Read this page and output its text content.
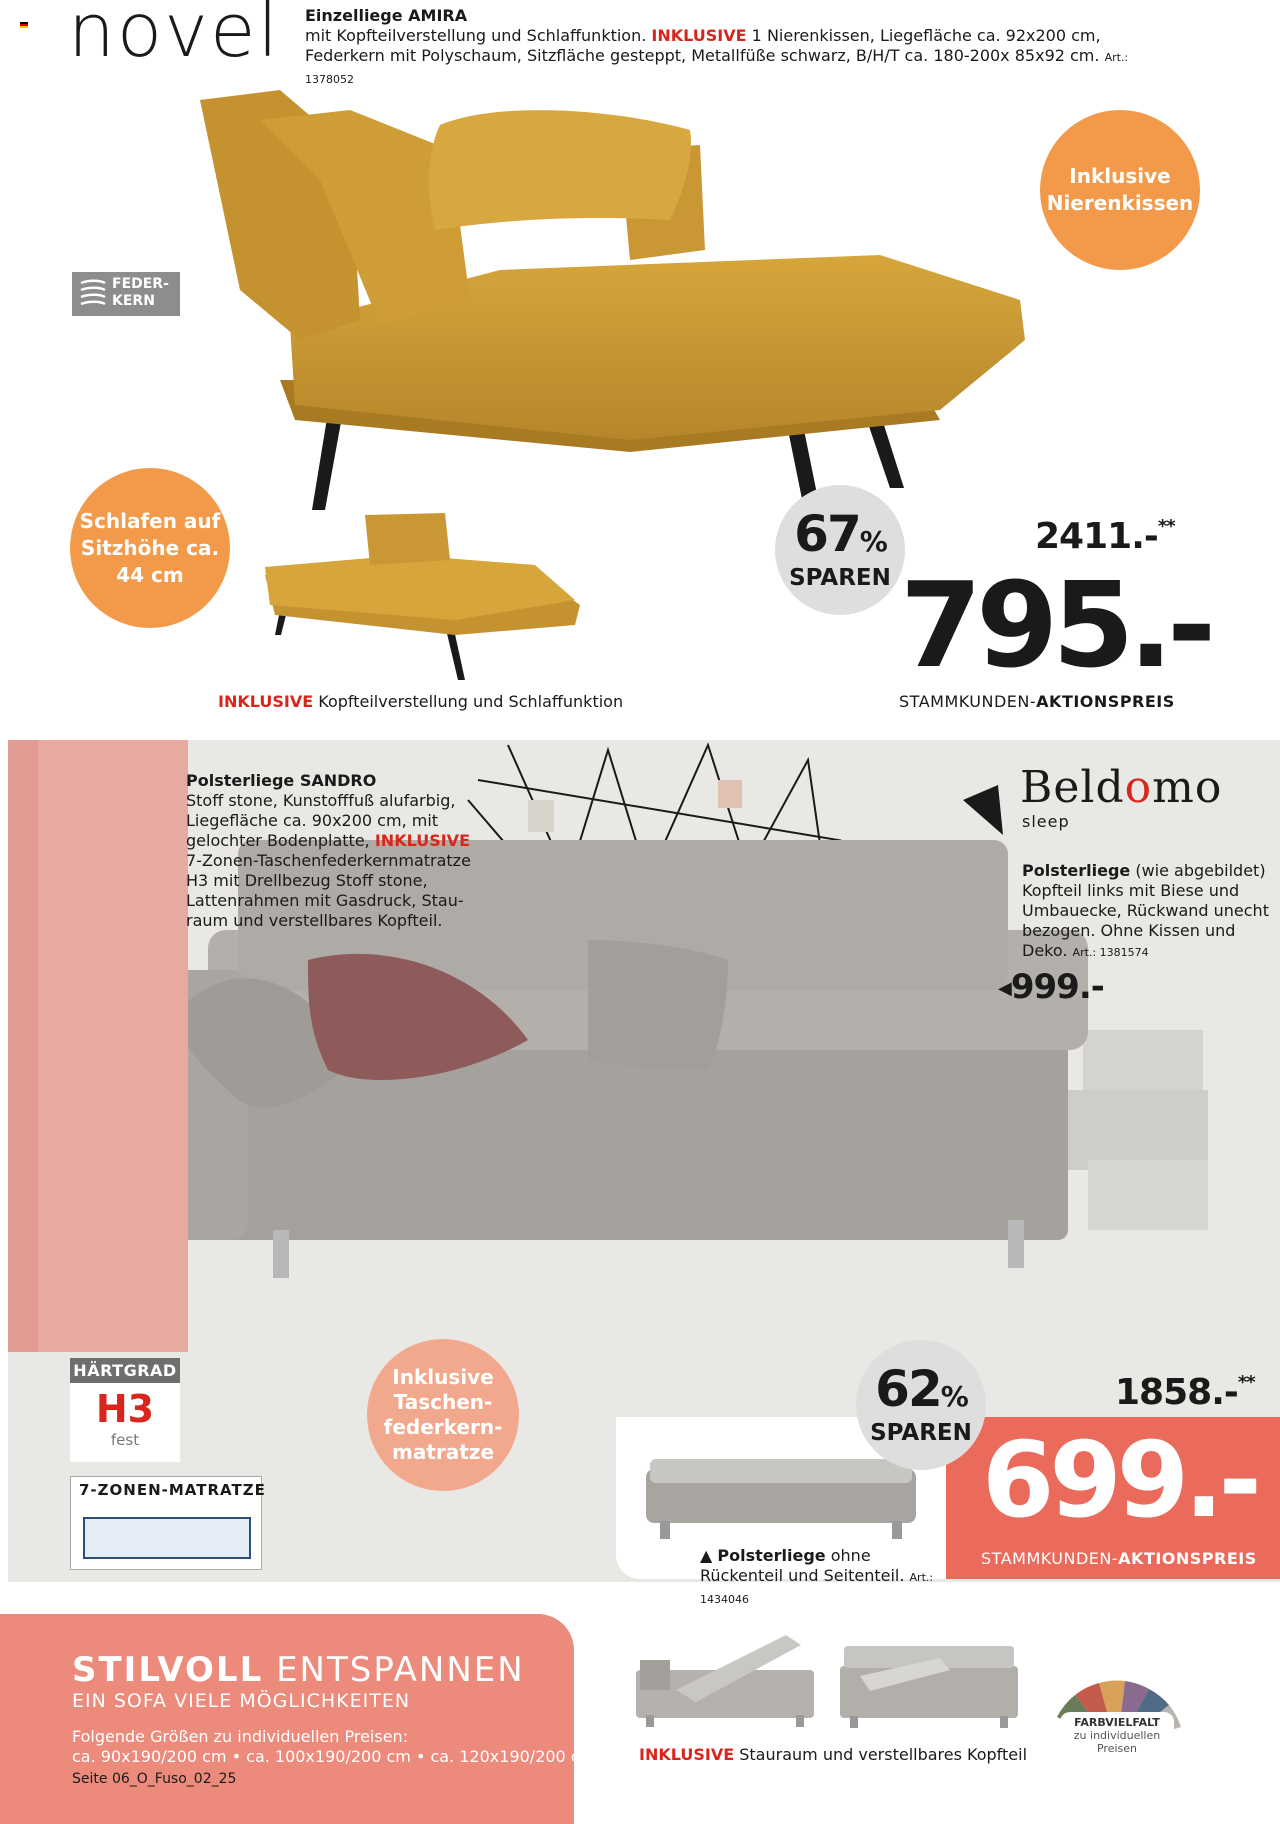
novel Einzelliege AMIRA
mit Kopfteilverstellung und Schlaffunktion. INKLUSIVE 1 Nierenkissen, Liegefläche ca. 92x200 cm,
Federkern mit Polyschaum, Sitzfläche gesteppt, Metallfüße schwarz, B/H/T ca. 180-200x 85x92 cm. Art.: 1378052
Inklusive Nierenkissen
FEDER- KERN
Schlafen auf Sitzhöhe ca. 44 cm
67%
SPAREN
2411.-**
795.-
STAMMKUNDEN-AKTIONSPREIS
INKLUSIVE Kopfteilverstellung und Schlaffunktion
Polsterliege SANDRO
Stoff stone, Kunstofffuß alufarbig, Liegefläche ca. 90x200 cm, mit gelochter Bodenplatte, INKLUSIVE 7-Zonen-Taschenfederkernmatratze H3 mit Drellbezug Stoff stone, Lattenrahmen mit Gasdruck, Stau- raum und verstellbares Kopfteil.
Beldomo
sleep
Polsterliege (wie abgebildet) Kopfteil links mit Biese und Umbauecke, Rückwand unecht bezogen. Ohne Kissen und Deko. Art.: 1381574
◀999.-
HÄRTGRAD
H3
fest
7-ZONEN-MATRATZE
Inklusive Taschen- federkern- matratze
62%
SPAREN
1858.-**
699.-
STAMMKUNDEN-AKTIONSPREIS
▲ Polsterliege ohne Rückenteil und Seitenteil. Art.: 1434046
STILVOLL ENTSPANNEN
EIN SOFA VIELE MÖGLICHKEITEN
Folgende Größen zu individuellen Preisen:
ca. 90x190/200 cm • ca. 100x190/200 cm • ca. 120x190/200 cm
Seite 06_O_Fuso_02_25
INKLUSIVE Stauraum und verstellbares Kopfteil
FARBVIELFALT
zu individuellen Preisen
